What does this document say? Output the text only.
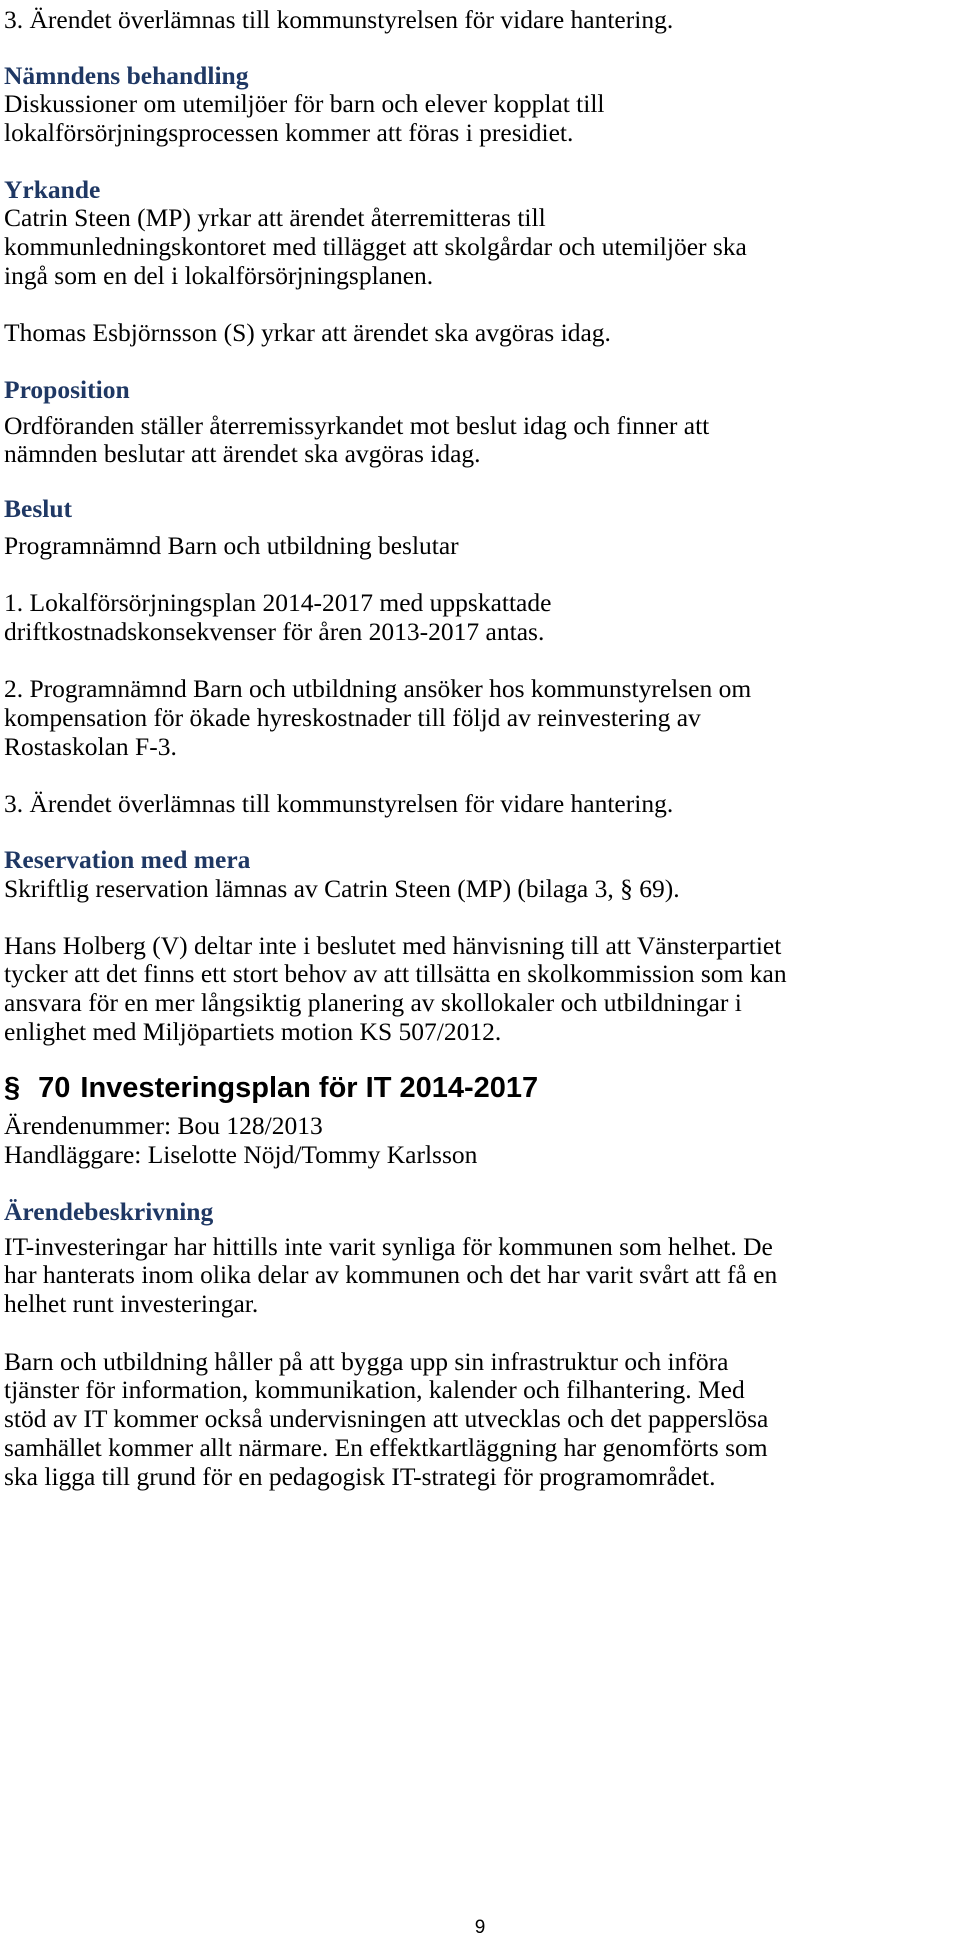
3. Ärendet överlämnas till kommunstyrelsen för vidare hantering.

Nämndens behandling

Diskussioner om utemiljöer för barn och elever kopplat till

lokalförsörjningsprocessen kommer att föras i presidiet.

Yrkande

Catrin Steen (MP) yrkar att ärendet återremitteras till

kommunledningskontoret med tillägget att skolgårdar och utemiljöer ska

ingå som en del i lokalförsörjningsplanen.

Thomas Esbjörnsson (S) yrkar att ärendet ska avgöras idag.

Proposition

Ordföranden ställer återremissyrkandet mot beslut idag och finner att

nämnden beslutar att ärendet ska avgöras idag.

Beslut

Programnämnd Barn och utbildning beslutar

1. Lokalförsörjningsplan 2014-2017 med uppskattade

driftkostnadskonsekvenser för åren 2013-2017 antas.

2. Programnämnd Barn och utbildning ansöker hos kommunstyrelsen om

kompensation för ökade hyreskostnader till följd av reinvestering av

Rostaskolan F-3.

3. Ärendet överlämnas till kommunstyrelsen för vidare hantering.

Reservation med mera

Skriftlig reservation lämnas av Catrin Steen (MP) (bilaga 3, § 69).

Hans Holberg (V) deltar inte i beslutet med hänvisning till att Vänsterpartiet

tycker att det finns ett stort behov av att tillsätta en skolkommission som kan

ansvara för en mer långsiktig planering av skollokaler och utbildningar i

enlighet med Miljöpartiets motion KS 507/2012.

§ 70 Investeringsplan för IT 2014-2017

Ärendenummer: Bou 128/2013

Handläggare: Liselotte Nöjd/Tommy Karlsson

Ärendebeskrivning

IT-investeringar har hittills inte varit synliga för kommunen som helhet. De

har hanterats inom olika delar av kommunen och det har varit svårt att få en

helhet runt investeringar.

Barn och utbildning håller på att bygga upp sin infrastruktur och införa

tjänster för information, kommunikation, kalender och filhantering. Med

stöd av IT kommer också undervisningen att utvecklas och det papperslösa

samhället kommer allt närmare. En effektkartläggning har genomförts som

ska ligga till grund för en pedagogisk IT-strategi för programområdet.

9
